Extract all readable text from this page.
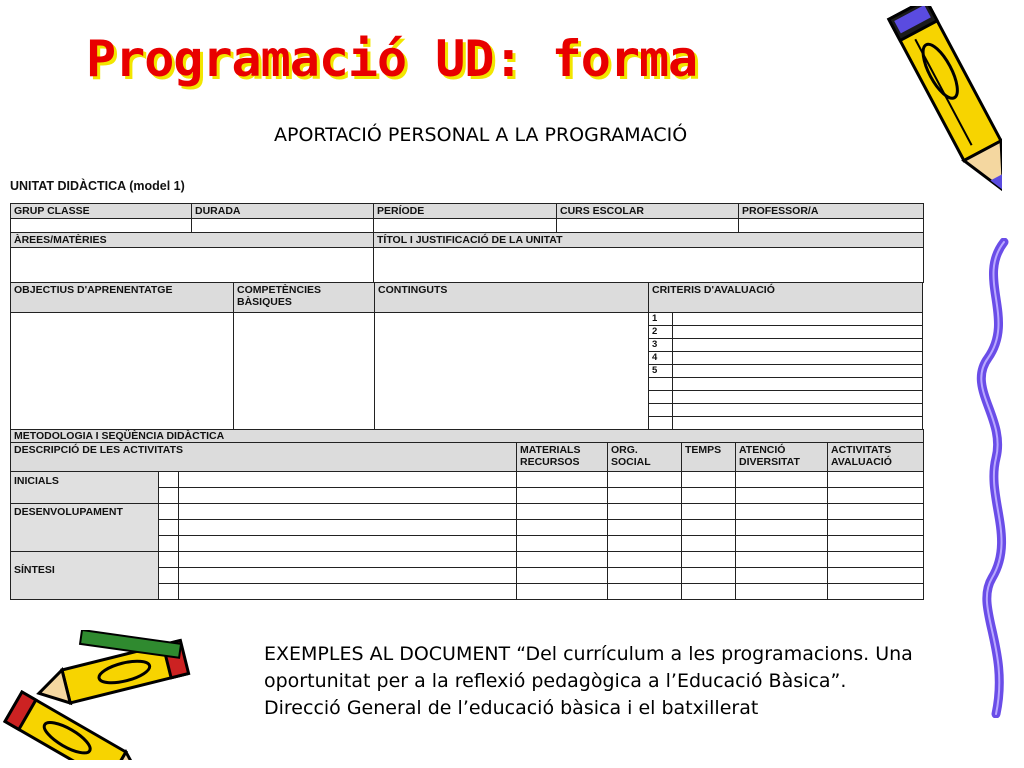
Programació UD: forma
APORTACIÓ PERSONAL A LA PROGRAMACIÓ
UNITAT DIDÀCTICA (model 1)
GRUP CLASSE	DURADA	PERÍODE	CURS ESCOLAR	PROFESSOR/A

ÀREES/MATÈRIES		TÍTOL I JUSTIFICACIÓ DE LA UNITAT		

OBJECTIUS D'APRENENTATGE	COMPETÈNCIES BÀSIQUES	CONTINGUTS	CRITERIS D'AVALUACIÓ	
			1	
			2	
			3	
			4	
			5	

METODOLOGIA I SEQÜÈNCIA DIDÀCTICA							
DESCRIPCIÓ DE LES ACTIVITATS			MATERIALS RECURSOS	ORG. SOCIAL	TEMPS	ATENCIÓ DIVERSITAT	ACTIVITATS AVALUACIÓ
INICIALS							

DESENVOLUPAMENT							

SÍNTESI							

EXEMPLES AL DOCUMENT “Del currículum a les programacions. Una oportunitat per a la reflexió pedagògica a l’Educació Bàsica”. Direcció General de l’educació bàsica i el batxillerat
